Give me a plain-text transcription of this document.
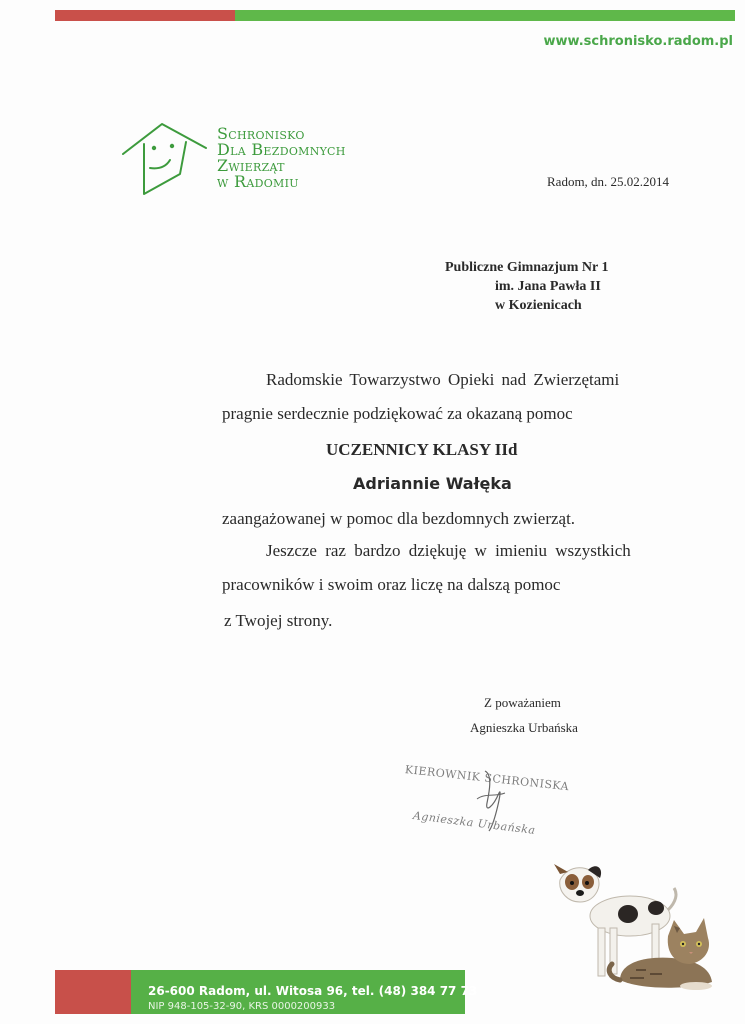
www.schronisko.radom.pl
Schronisko
Dla Bezdomnych
Zwierząt
w Radomiu	Radom, dn. 25.02.2014
Publiczne Gimnazjum Nr 1
im. Jana Pawła II
w Kozienicach
Radomskie Towarzystwo Opieki nad Zwierzętami
pragnie serdecznie podziękować za okazaną pomoc
UCZENNICY KLASY IId
Adriannie Wałęka
zaangażowanej w pomoc dla bezdomnych zwierząt.
Jeszcze raz bardzo dziękuję w imieniu wszystkich
pracowników i swoim oraz liczę na dalszą pomoc
z Twojej strony.
Z poważaniem
Agnieszka Urbańska
KIEROWNIK SCHRONISKA
Agnieszka Urbańska
26-600 Radom, ul. Witosa 96, tel. (48) 384 77 73
NIP 948-105-32-90, KRS 0000200933
